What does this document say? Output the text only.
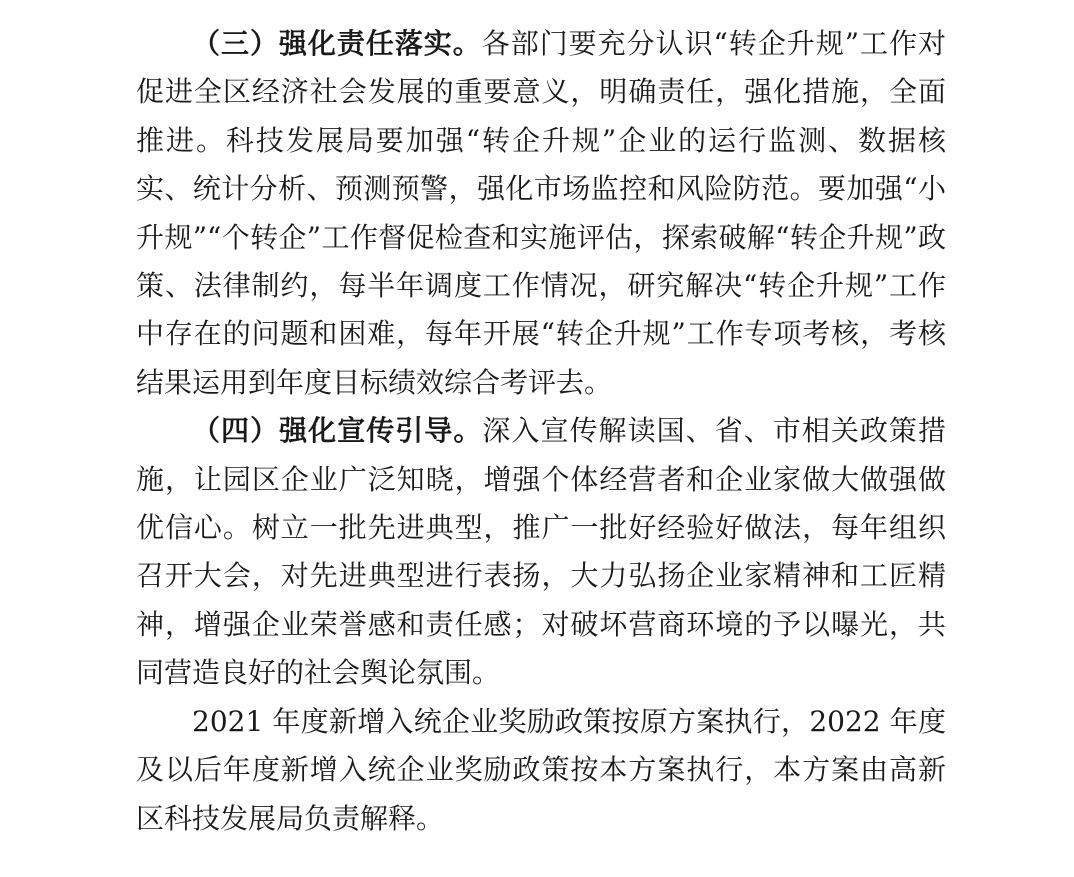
（三）强化责任落实。各部门要充分认识“转企升规”工作对促进全区经济社会发展的重要意义，明确责任，强化措施，全面推进。科技发展局要加强“转企升规”企业的运行监测、数据核实、统计分析、预测预警，强化市场监控和风险防范。要加强“小升规”“个转企”工作督促检查和实施评估，探索破解“转企升规”政策、法律制约，每半年调度工作情况，研究解决“转企升规”工作中存在的问题和困难，每年开展“转企升规”工作专项考核，考核结果运用到年度目标绩效综合考评去。

（四）强化宣传引导。深入宣传解读国、省、市相关政策措施，让园区企业广泛知晓，增强个体经营者和企业家做大做强做优信心。树立一批先进典型，推广一批好经验好做法，每年组织召开大会，对先进典型进行表扬，大力弘扬企业家精神和工匠精神，增强企业荣誉感和责任感；对破坏营商环境的予以曝光，共同营造良好的社会舆论氛围。

2021 年度新增入统企业奖励政策按原方案执行，2022 年度及以后年度新增入统企业奖励政策按本方案执行，本方案由高新区科技发展局负责解释。
